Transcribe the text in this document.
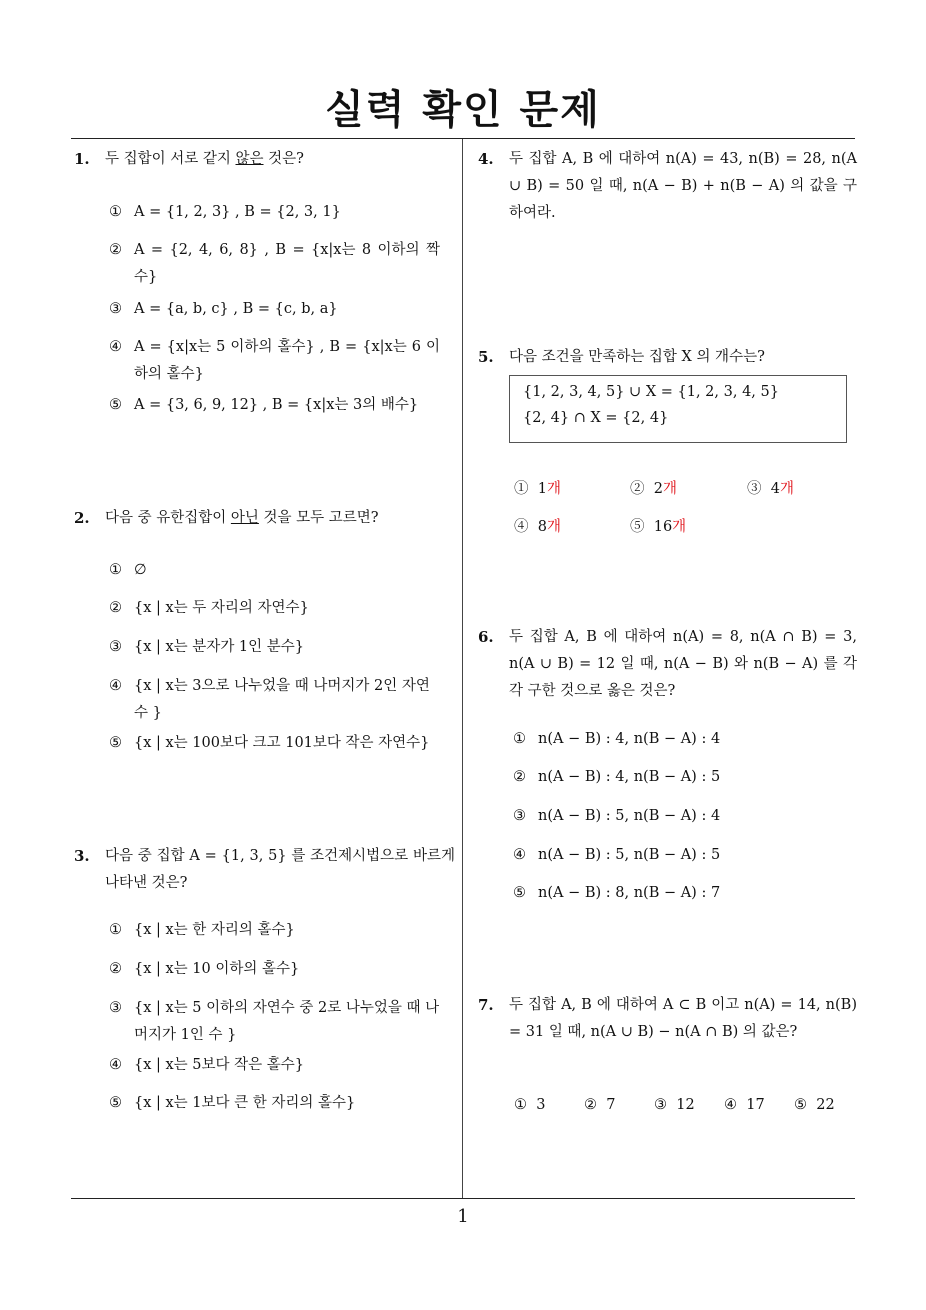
실력 확인 문제
1
1. 두 집합이 서로 같지 않은 것은?
① A = {1, 2, 3} , B = {2, 3, 1}
② A = {2, 4, 6, 8} , B = {x|x는 8 이하의 짝수}
③ A = {a, b, c} , B = {c, b, a}
④ A = {x|x는 5 이하의 홀수} , B = {x|x는 6 이하의 홀수}
⑤ A = {3, 6, 9, 12} , B = {x|x는 3의 배수}
2. 다음 중 유한집합이 아닌 것을 모두 고르면?
① ∅
② {x | x는 두 자리의 자연수}
③ {x | x는 분자가 1인 분수}
④ {x | x는 3으로 나누었을 때 나머지가 2인 자연 수 }
⑤ {x | x는 100보다 크고 101보다 작은 자연수}
3. 다음 중 집합 A = {1, 3, 5} 를 조건제시법으로 바르게 나타낸 것은?
① {x | x는 한 자리의 홀수}
② {x | x는 10 이하의 홀수}
③ {x | x는 5 이하의 자연수 중 2로 나누었을 때 나머지가 1인 수 }
④ {x | x는 5보다 작은 홀수}
⑤ {x | x는 1보다 큰 한 자리의 홀수}
4. 두 집합 A, B 에 대하여 n(A) = 43, n(B) = 28, n(A ∪ B) = 50 일 때, n(A − B) + n(B − A) 의 값을 구하여라.
5. 다음 조건을 만족하는 집합 X 의 개수는?
{1, 2, 3, 4, 5} ∪ X = {1, 2, 3, 4, 5}
{2, 4} ∩ X = {2, 4}
① 1개	② 2개	③ 4개
④ 8개	⑤ 16개
6. 두 집합 A, B 에 대하여 n(A) = 8, n(A ∩ B) = 3, n(A ∪ B) = 12 일 때, n(A − B) 와 n(B − A) 를 각각 구한 것으로 옳은 것은?
① n(A − B) : 4, n(B − A) : 4
② n(A − B) : 4, n(B − A) : 5
③ n(A − B) : 5, n(B − A) : 4
④ n(A − B) : 5, n(B − A) : 5
⑤ n(A − B) : 8, n(B − A) : 7
7. 두 집합 A, B 에 대하여 A ⊂ B 이고 n(A) = 14, n(B) = 31 일 때, n(A ∪ B) − n(A ∩ B) 의 값은?
① 3	② 7	③ 12 ④ 17 ⑤ 22
